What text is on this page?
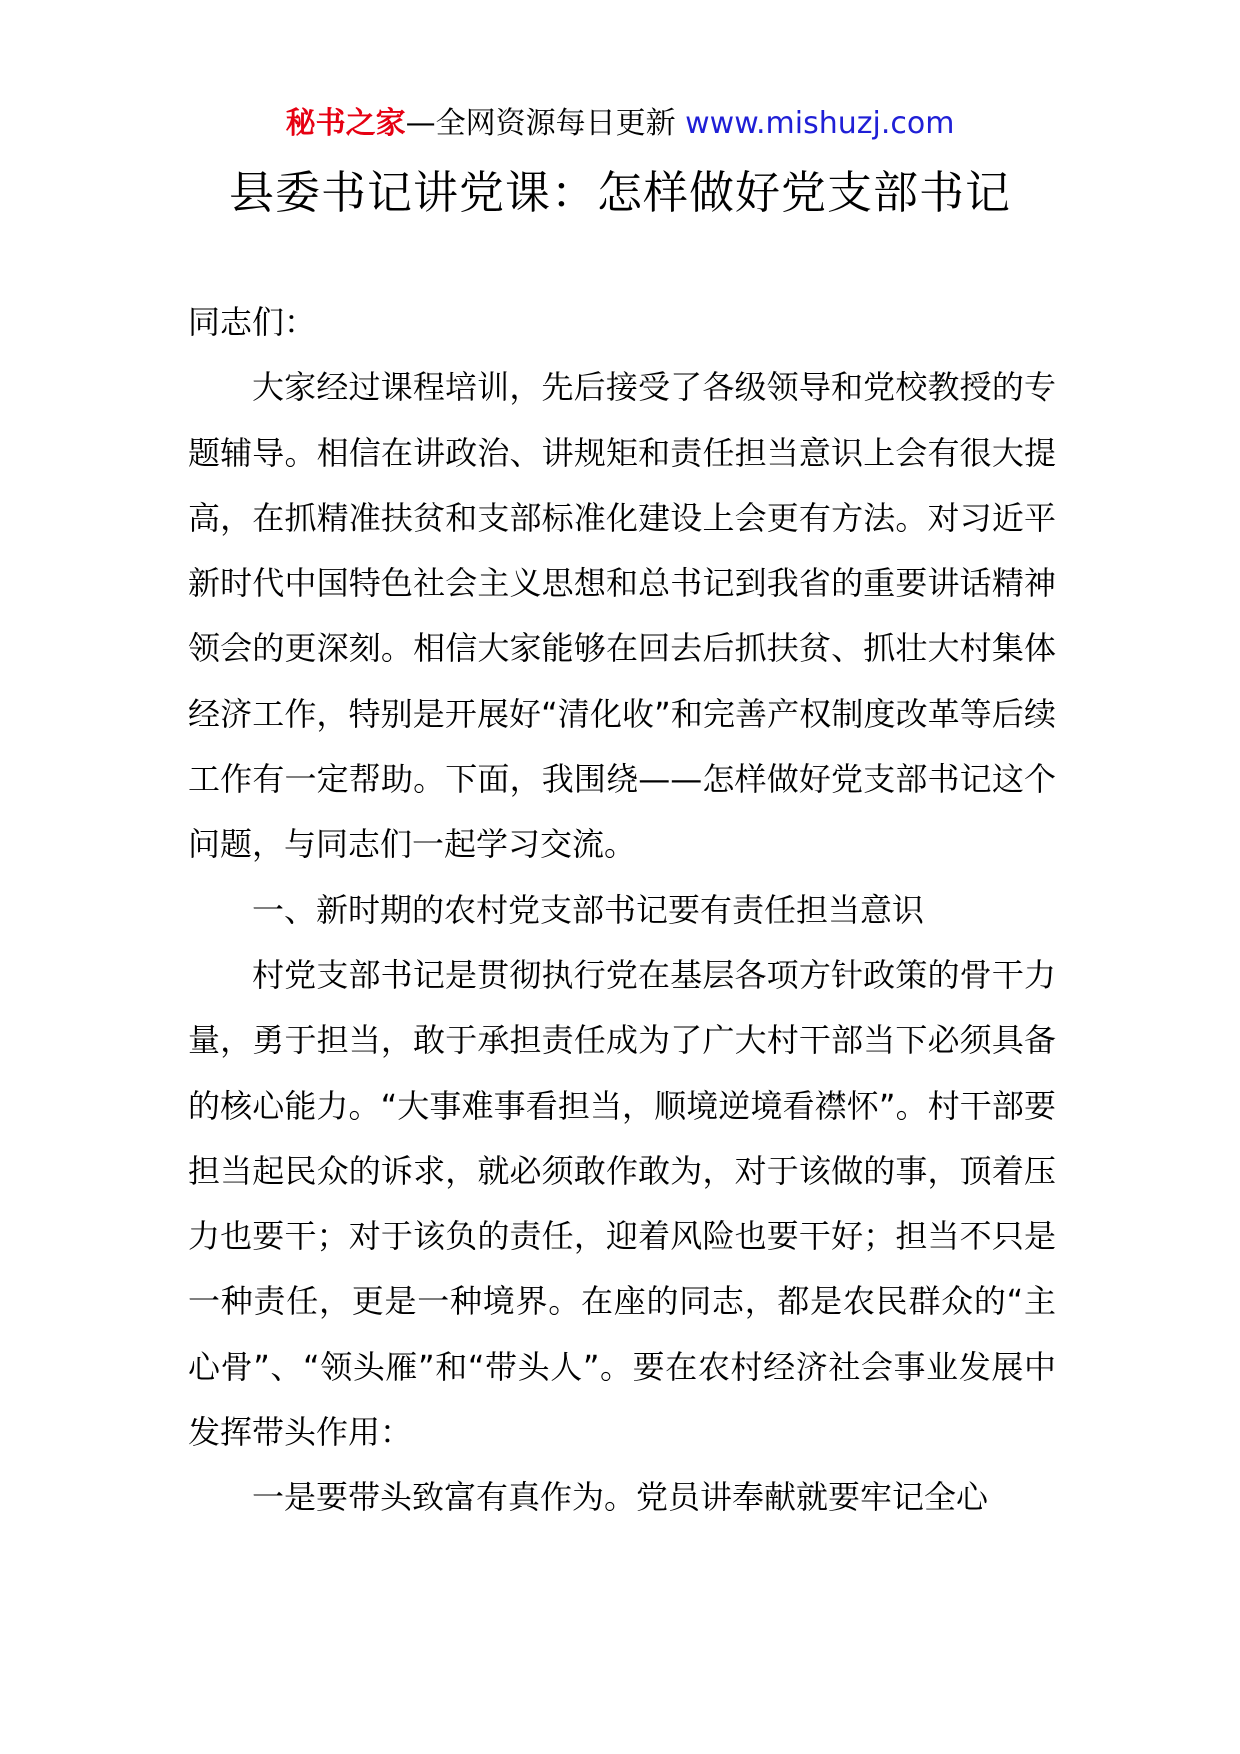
秘书之家—全网资源每日更新 www.mishuzj.com
县委书记讲党课：怎样做好党支部书记

同志们：

大家经过课程培训，先后接受了各级领导和党校教授的专题辅导。相信在讲政治、讲规矩和责任担当意识上会有很大提高，在抓精准扶贫和支部标准化建设上会更有方法。对习近平新时代中国特色社会主义思想和总书记到我省的重要讲话精神领会的更深刻。相信大家能够在回去后抓扶贫、抓壮大村集体经济工作，特别是开展好“清化收”和完善产权制度改革等后续工作有一定帮助。下面，我围绕——怎样做好党支部书记这个问题，与同志们一起学习交流。

一、新时期的农村党支部书记要有责任担当意识

村党支部书记是贯彻执行党在基层各项方针政策的骨干力量，勇于担当，敢于承担责任成为了广大村干部当下必须具备的核心能力。“大事难事看担当，顺境逆境看襟怀”。村干部要担当起民众的诉求，就必须敢作敢为，对于该做的事，顶着压力也要干；对于该负的责任，迎着风险也要干好；担当不只是一种责任，更是一种境界。在座的同志，都是农民群众的“主心骨”、“领头雁”和“带头人”。要在农村经济社会事业发展中发挥带头作用：

一是要带头致富有真作为。党员讲奉献就要牢记全心
